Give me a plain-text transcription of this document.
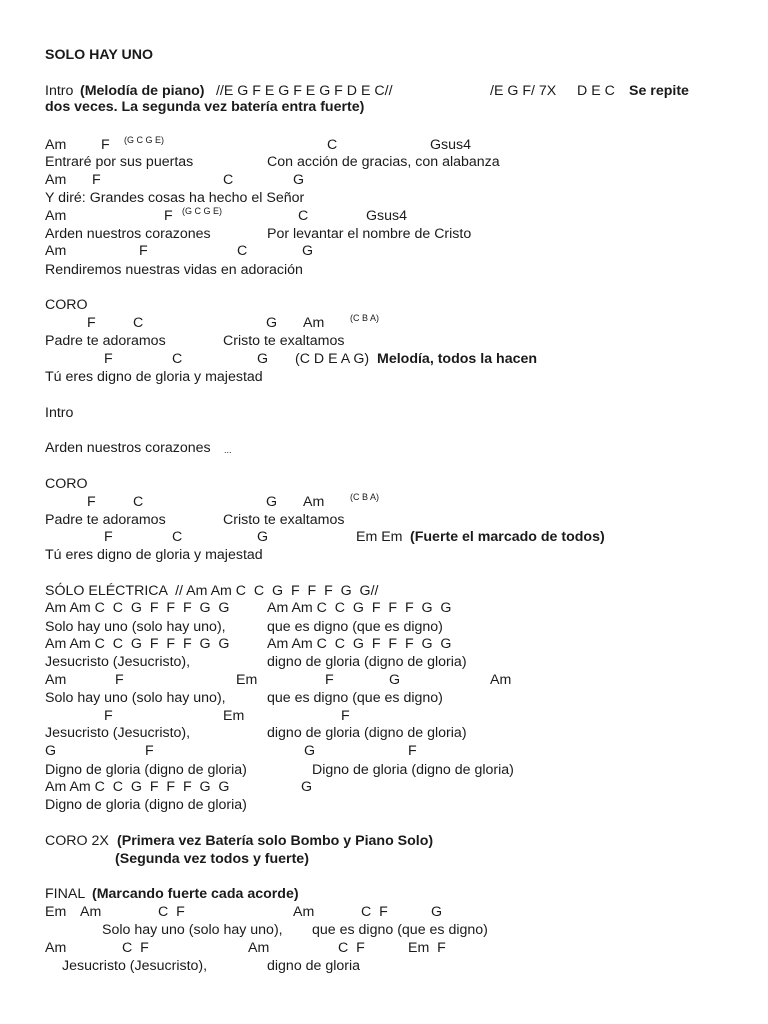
SOLO HAY UNO
Intro (Melodía de piano) //E G F E G F E G F D E C//	/E G F/ 7X D E C Se repite dos veces. La segunda vez batería entra fuerte)
Am F (G C G E)	C	Gsus4
Entraré por sus puertas	Con acción de gracias, con alabanza
Am F	C	G
Y diré: Grandes cosas ha hecho el Señor
Am	F (G C G E)	C	Gsus4
Arden nuestros corazones	Por levantar el nombre de Cristo
Am	F	C	G
Rendiremos nuestras vidas en adoración
CORO
F	C	G Am	(C B A)
Padre te adoramos	Cristo te exaltamos
F	C	G (C D E A G) Melodía, todos la hacen
Tú eres digno de gloria y majestad
Intro
Arden nuestros corazones ...
CORO
F	C	G Am	(C B A)
Padre te adoramos	Cristo te exaltamos
F	C	G	Em Em (Fuerte el marcado de todos)
Tú eres digno de gloria y majestad
SÓLO ELÉCTRICA  // Am Am C  C  G  F  F  F  G  G//
Am Am C  C  G  F  F  F  G  G	Am Am C  C  G  F  F  F  G  G
Solo hay uno (solo hay uno),	que es digno (que es digno)
Am Am C  C  G  F  F  F  G  G	Am Am C  C  G  F  F  F  G  G
Jesucristo (Jesucristo),	digno de gloria (digno de gloria)
Am	F	Em	F	G	Am
Solo hay uno (solo hay uno),	que es digno (que es digno)
F	Em	F
Jesucristo (Jesucristo),	digno de gloria (digno de gloria)
G	F	G	F
Digno de gloria (digno de gloria)	Digno de gloria (digno de gloria)
Am Am C  C  G  F  F  F  G  G	G
Digno de gloria (digno de gloria)
CORO 2X (Primera vez Batería solo Bombo y Piano Solo)
(Segunda vez todos y fuerte)
FINAL (Marcando fuerte cada acorde)
Em Am	C  F	Am	C  F	G
Solo hay uno (solo hay uno), que es digno (que es digno)
Am	C  F	Am	C  F	Em  F
Jesucristo (Jesucristo),	digno de gloria
